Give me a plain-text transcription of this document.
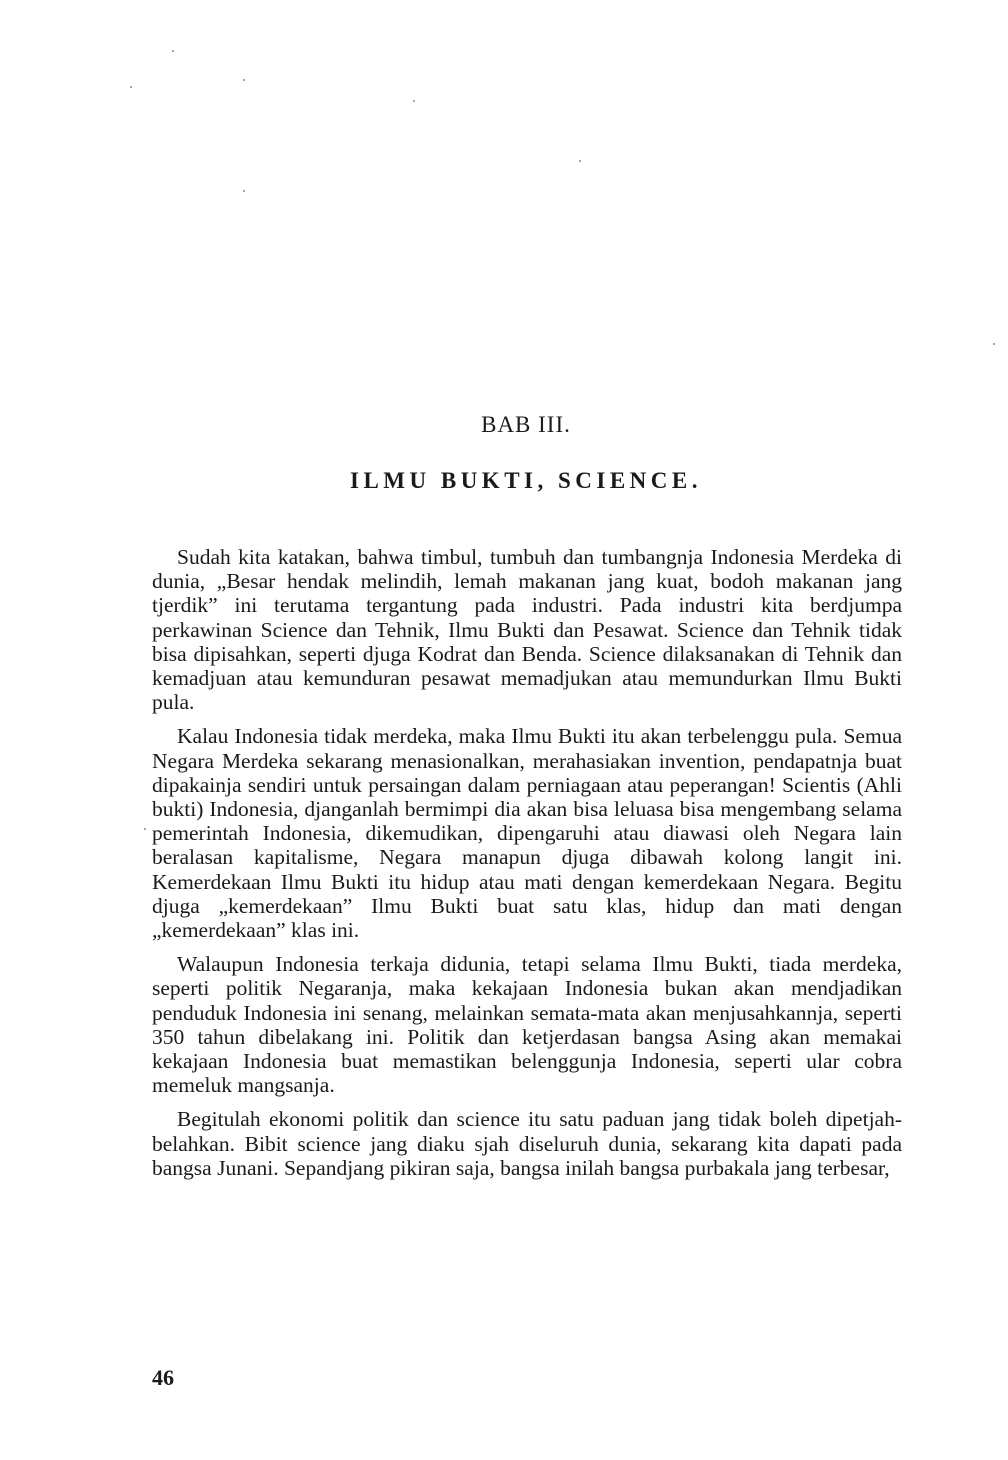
BAB III.
ILMU BUKTI, SCIENCE.

Sudah kita katakan, bahwa timbul, tumbuh dan tumbangnja Indonesia Merdeka di dunia, „Besar hendak melindih, lemah makanan jang kuat, bodoh makanan jang tjerdik” ini terutama tergantung pada industri. Pada industri kita berdjumpa perkawinan Science dan Tehnik, Ilmu Bukti dan Pesawat. Science dan Tehnik tidak bisa dipisahkan, seperti djuga Kodrat dan Benda. Science dilaksanakan di Tehnik dan kemadjuan atau kemunduran pesawat memadjukan atau memundurkan Ilmu Bukti pula.

Kalau Indonesia tidak merdeka, maka Ilmu Bukti itu akan terbelenggu pula. Semua Negara Merdeka sekarang menasionalkan, merahasiakan invention, pendapatnja buat dipakainja sendiri untuk persaingan dalam perniagaan atau peperangan! Scientis (Ahli bukti) Indonesia, djanganlah bermimpi dia akan bisa leluasa bisa mengembang selama pemerintah Indonesia, dikemudikan, dipengaruhi atau diawasi oleh Negara lain beralasan kapitalisme, Negara manapun djuga dibawah kolong langit ini. Kemerdekaan Ilmu Bukti itu hidup atau mati dengan kemerdekaan Negara. Begitu djuga „kemerdekaan” Ilmu Bukti buat satu klas, hidup dan mati dengan „kemerdekaan” klas ini.

Walaupun Indonesia terkaja didunia, tetapi selama Ilmu Bukti, tiada merdeka, seperti politik Negaranja, maka kekajaan Indonesia bukan akan mendjadikan penduduk Indonesia ini senang, melainkan semata-mata akan menjusahkannja, seperti 350 tahun dibelakang ini. Politik dan ketjerdasan bangsa Asing akan memakai kekajaan Indonesia buat memastikan belenggunja Indonesia, seperti ular cobra memeluk mangsanja.

Begitulah ekonomi politik dan science itu satu paduan jang tidak boleh dipetjah-belahkan. Bibit science jang diaku sjah diseluruh dunia, sekarang kita dapati pada bangsa Junani. Sepandjang pikiran saja, bangsa inilah bangsa purbakala jang terbesar,

46
